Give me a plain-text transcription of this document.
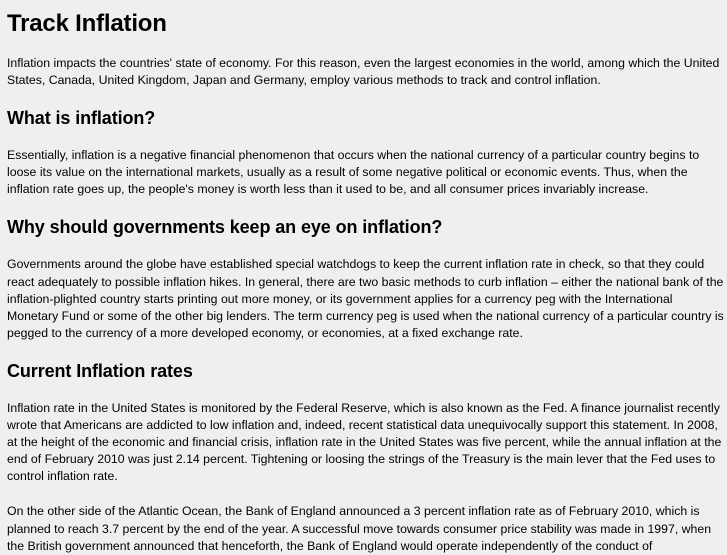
Track Inflation

Inflation impacts the countries' state of economy. For this reason, even the largest economies in the world, among which the United States, Canada, United Kingdom, Japan and Germany, employ various methods to track and control inflation.

What is inflation?

Essentially, inflation is a negative financial phenomenon that occurs when the national currency of a particular country begins to loose its value on the international markets, usually as a result of some negative political or economic events. Thus, when the inflation rate goes up, the people's money is worth less than it used to be, and all consumer prices invariably increase.

Why should governments keep an eye on inflation?

Governments around the globe have established special watchdogs to keep the current inflation rate in check, so that they could react adequately to possible inflation hikes. In general, there are two basic methods to curb inflation – either the national bank of the inflation-plighted country starts printing out more money, or its government applies for a currency peg with the International Monetary Fund or some of the other big lenders. The term currency peg is used when the national currency of a particular country is pegged to the currency of a more developed economy, or economies, at a fixed exchange rate.

Current Inflation rates

Inflation rate in the United States is monitored by the Federal Reserve, which is also known as the Fed. A finance journalist recently wrote that Americans are addicted to low inflation and, indeed, recent statistical data unequivocally support this statement. In 2008, at the height of the economic and financial crisis, inflation rate in the United States was five percent, while the annual inflation at the end of February 2010 was just 2.14 percent. Tightening or loosing the strings of the Treasury is the main lever that the Fed uses to control inflation rate.

On the other side of the Atlantic Ocean, the Bank of England announced a 3 percent inflation rate as of February 2010, which is planned to reach 3.7 percent by the end of the year. A successful move towards consumer price stability was made in 1997, when the British government announced that henceforth, the Bank of England would operate independently of the conduct of
